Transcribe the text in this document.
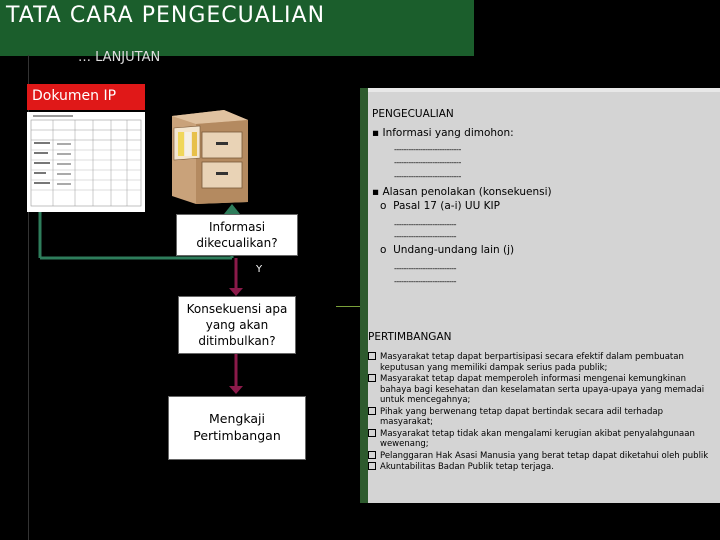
TATA CARA PENGECUALIAN
… LANJUTAN
Dokumen IP
Informasi dikecualikan?
Y
Konsekuensi apa yang akan ditimbulkan?
Mengkaji Pertimbangan
PENGECUALIAN
▪ Informasi yang dimohon:
----------------------------
----------------------------
----------------------------
▪ Alasan penolakan (konsekuensi)
o  Pasal 17 (a-i) UU KIP
--------------------------
--------------------------
o  Undang-undang lain (j)
--------------------------
--------------------------
PERTIMBANGAN
Masyarakat tetap dapat berpartisipasi secara efektif dalam pembuatan keputusan yang memiliki dampak serius pada publik;
Masyarakat tetap dapat memperoleh informasi mengenai kemungkinan bahaya bagi kesehatan dan keselamatan serta upaya-upaya yang memadai untuk mencegahnya;
Pihak yang berwenang tetap dapat bertindak secara adil terhadap masyarakat;
Masyarakat tetap tidak akan mengalami kerugian akibat penyalahgunaan wewenang;
Pelanggaran Hak Asasi Manusia yang berat tetap dapat diketahui oleh publik
Akuntabilitas Badan Publik tetap terjaga.
